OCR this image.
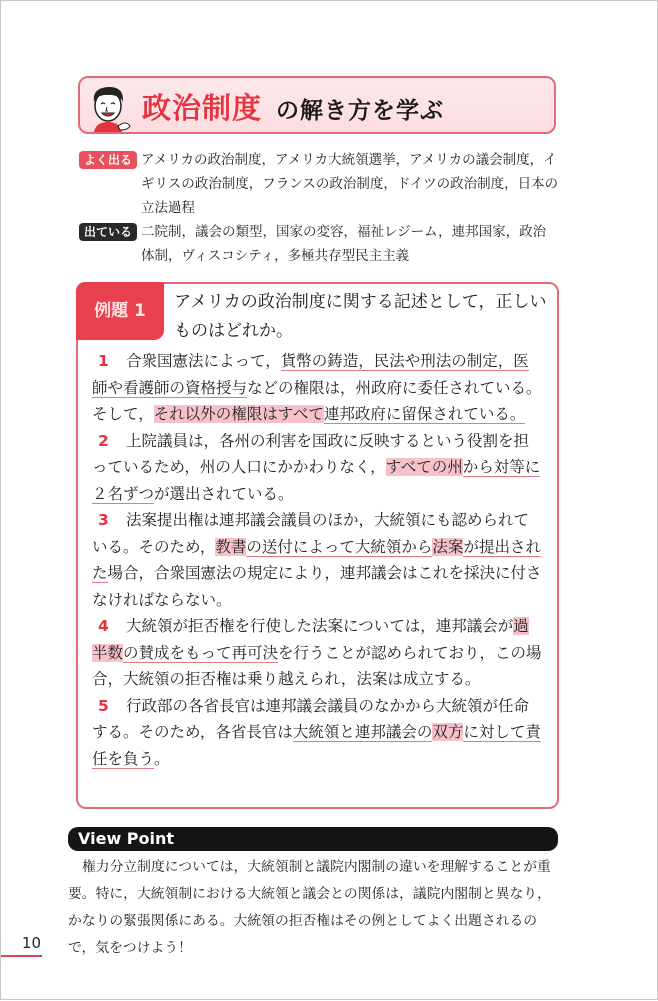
政治制度 の解き方を学ぶ
よく出る アメリカの政治制度，アメリカ大統領選挙，アメリカの議会制度，イギリスの政治制度，フランスの政治制度，ドイツの政治制度，日本の立法過程
出ている 二院制，議会の類型，国家の変容，福祉レジーム，連邦国家，政治体制，ヴィスコシティ，多極共存型民主主義
例題 1	アメリカの政治制度に関する記述として，正しいものはどれか。
1 合衆国憲法によって，貨幣の鋳造，民法や刑法の制定，医師や看護師の資格授与などの権限は，州政府に委任されている。そして，それ以外の権限はすべて連邦政府に留保されている。
2 上院議員は，各州の利害を国政に反映するという役割を担っているため，州の人口にかかわりなく，すべての州から対等に２名ずつが選出されている。
3 法案提出権は連邦議会議員のほか，大統領にも認められている。そのため，教書の送付によって大統領から法案が提出された場合，合衆国憲法の規定により，連邦議会はこれを採決に付さなければならない。
4 大統領が拒否権を行使した法案については，連邦議会が過半数の賛成をもって再可決を行うことが認められており，この場合，大統領の拒否権は乗り越えられ，法案は成立する。
5 行政部の各省長官は連邦議会議員のなかから大統領が任命する。そのため，各省長官は大統領と連邦議会の双方に対して責任を負う。
View Point
権力分立制度については，大統領制と議院内閣制の違いを理解することが重要。特に，大統領制における大統領と議会との関係は，議院内閣制と異なり，かなりの緊張関係にある。大統領の拒否権はその例としてよく出題されるので，気をつけよう！
10
